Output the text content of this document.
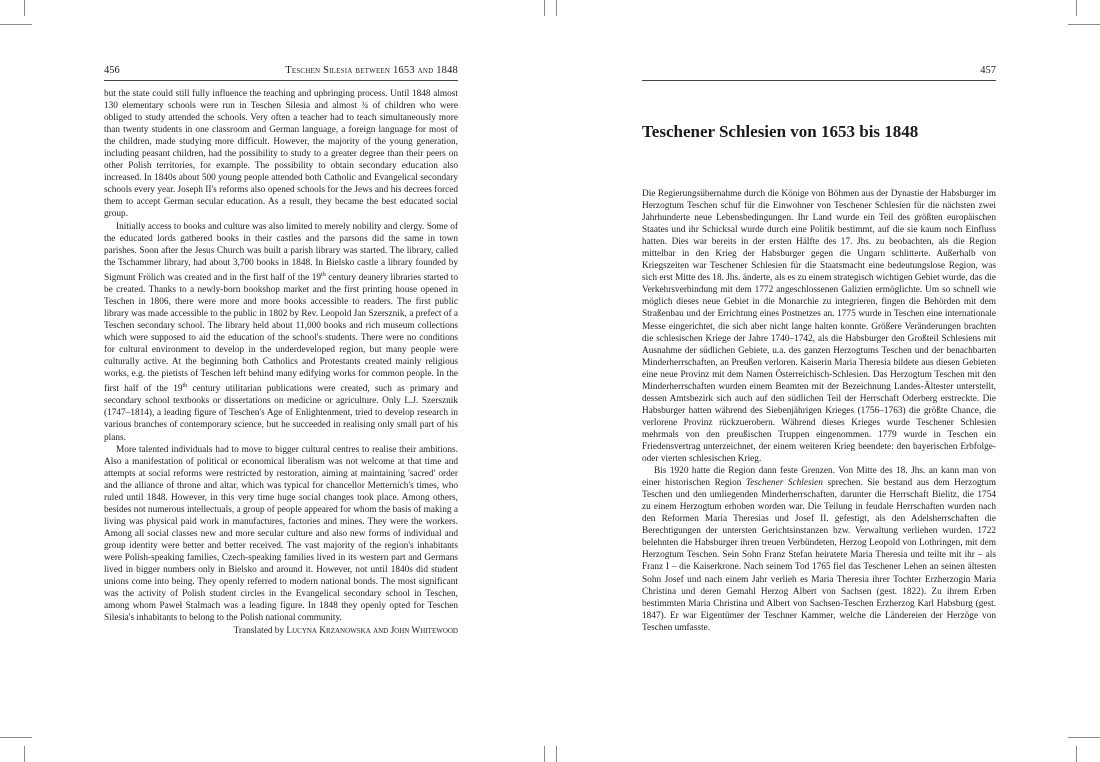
456	Teschen Silesia between 1653 and 1848

but the state could still fully influence the teaching and upbringing process. Until 1848 almost 130 elementary schools were run in Teschen Silesia and almost ¾ of children who were obliged to study attended the schools. Very often a teacher had to teach simultaneously more than twenty students in one classroom and German language, a foreign language for most of the children, made studying more difficult. However, the majority of the young generation, including peasant children, had the possibility to study to a greater degree than their peers on other Polish territories, for example. The possibility to obtain secondary education also increased. In 1840s about 500 young people attended both Catholic and Evangelical secondary schools every year. Joseph II's reforms also opened schools for the Jews and his decrees forced them to accept German secular education. As a result, they became the best educated social group.

Initially access to books and culture was also limited to merely nobility and clergy. Some of the educated lords gathered books in their castles and the parsons did the same in town parishes. Soon after the Jesus Church was built a parish library was started. The library, called the Tschammer library, had about 3,700 books in 1848. In Bielsko castle a library founded by Sigmunt Frölich was created and in the first half of the 19th century deanery libraries started to be created. Thanks to a newly-born bookshop market and the first printing house opened in Teschen in 1806, there were more and more books accessible to readers. The first public library was made accessible to the public in 1802 by Rev. Leopold Jan Szersznik, a prefect of a Teschen secondary school. The library held about 11,000 books and rich museum collections which were supposed to aid the education of the school's students. There were no conditions for cultural environment to develop in the underdeveloped region, but many people were culturally active. At the beginning both Catholics and Protestants created mainly religious works, e.g. the pietists of Teschen left behind many edifying works for common people. In the first half of the 19th century utilitarian publications were created, such as primary and secondary school textbooks or dissertations on medicine or agriculture. Only L.J. Szersznik (1747–1814), a leading figure of Teschen's Age of Enlightenment, tried to develop research in various branches of contemporary science, but he succeeded in realising only small part of his plans.

More talented individuals had to move to bigger cultural centres to realise their ambitions. Also a manifestation of political or economical liberalism was not welcome at that time and attempts at social reforms were restricted by restoration, aiming at maintaining 'sacred' order and the alliance of throne and altar, which was typical for chancellor Metternich's times, who ruled until 1848. However, in this very time huge social changes took place. Among others, besides not numerous intellectuals, a group of people appeared for whom the basis of making a living was physical paid work in manufactures, factories and mines. They were the workers. Among all social classes new and more secular culture and also new forms of individual and group identity were better and better received. The vast majority of the region's inhabitants were Polish-speaking families, Czech-speaking families lived in its western part and Germans lived in bigger numbers only in Bielsko and around it. However, not until 1840s did student unions come into being. They openly referred to modern national bonds. The most significant was the activity of Polish student circles in the Evangelical secondary school in Teschen, among whom Paweł Stalmach was a leading figure. In 1848 they openly opted for Teschen Silesia's inhabitants to belong to the Polish national community.

Translated by Lucyna Krzanowska and John Whitewood
457
Teschener Schlesien von 1653 bis 1848

Die Regierungsübernahme durch die Könige von Böhmen aus der Dynastie der Habsburger im Herzogtum Teschen schuf für die Einwohner von Teschener Schlesien für die nächsten zwei Jahrhunderte neue Lebensbedingungen. Ihr Land wurde ein Teil des größten europäischen Staates und ihr Schicksal wurde durch eine Politik bestimmt, auf die sie kaum noch Einfluss hatten. Dies war bereits in der ersten Hälfte des 17. Jhs. zu beobachten, als die Region mittelbar in den Krieg der Habsburger gegen die Ungarn schlitterte. Außerhalb von Kriegszeiten war Teschener Schlesien für die Staatsmacht eine bedeutungslose Region, was sich erst Mitte des 18. Jhs. änderte, als es zu einem strategisch wichtigen Gebiet wurde, das die Verkehrsverbindung mit dem 1772 angeschlossenen Galizien ermöglichte. Um so schnell wie möglich dieses neue Gebiet in die Monarchie zu integrieren, fingen die Behörden mit dem Straßenbau und der Errichtung eines Postnetzes an. 1775 wurde in Teschen eine internationale Messe eingerichtet, die sich aber nicht lange halten konnte. Größere Veränderungen brachten die schlesischen Kriege der Jahre 1740–1742, als die Habsburger den Großteil Schlesiens mit Ausnahme der südlichen Gebiete, u.a. des ganzen Herzogtums Teschen und der benachbarten Minderherrschaften, an Preußen verloren. Kaiserin Maria Theresia bildete aus diesen Gebieten eine neue Provinz mit dem Namen Österreichisch-Schlesien. Das Herzogtum Teschen mit den Minderherrschaften wurden einem Beamten mit der Bezeichnung Landes-Ältester unterstellt, dessen Amtsbezirk sich auch auf den südlichen Teil der Herrschaft Oderberg erstreckte. Die Habsburger hatten während des Siebenjährigen Krieges (1756–1763) die größte Chance, die verlorene Provinz rückzuerobern. Während dieses Krieges wurde Teschener Schlesien mehrmals von den preußischen Truppen eingenommen. 1779 wurde in Teschen ein Friedensvertrag unterzeichnet, der einem weiteren Krieg beendete: den bayerischen Erbfolge- oder vierten schlesischen Krieg.

Bis 1920 hatte die Region dann feste Grenzen. Von Mitte des 18. Jhs. an kann man von einer historischen Region Teschener Schlesien sprechen. Sie bestand aus dem Herzogtum Teschen und den umliegenden Minderherrschaften, darunter die Herrschaft Bielitz, die 1754 zu einem Herzogtum erhoben worden war. Die Teilung in feudale Herrschaften wurden nach den Reformen Maria Theresias und Josef II. gefestigt, als den Adelsherrschaften die Berechtigungen der untersten Gerichtsinstanzen bzw. Verwaltung verliehen wurden. 1722 belehnten die Habsburger ihren treuen Verbündeten, Herzog Leopold von Lothringen, mit dem Herzogtum Teschen. Sein Sohn Franz Stefan heiratete Maria Theresia und teilte mit ihr – als Franz I – die Kaiserkrone. Nach seinem Tod 1765 fiel das Teschener Lehen an seinen ältesten Sohn Josef und nach einem Jahr verlieh es Maria Theresia ihrer Tochter Erzherzogin Maria Christina und deren Gemahl Herzog Albert von Sachsen (gest. 1822). Zu ihrem Erben bestimmten Maria Christina und Albert von Sachsen-Teschen Erzherzog Karl Habsburg (gest. 1847). Er war Eigentümer der Teschner Kammer, welche die Ländereien der Herzöge von Teschen umfasste.
